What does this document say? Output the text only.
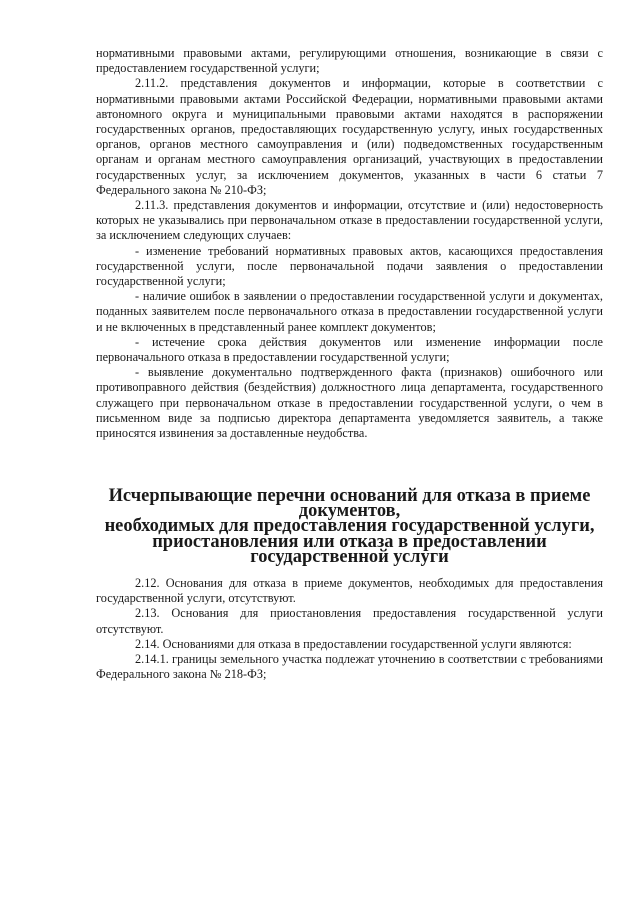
нормативными правовыми актами, регулирующими отношения, возникающие в связи с предоставлением государственной услуги;

2.11.2. представления документов и информации, которые в соответствии с нормативными правовыми актами Российской Федерации, нормативными правовыми актами автономного округа и муниципальными правовыми актами находятся в распоряжении государственных органов, предоставляющих государственную услугу, иных государственных органов, органов местного самоуправления и (или) подведомственных государственным органам и органам местного самоуправления организаций, участвующих в предоставлении государственных услуг, за исключением документов, указанных в части 6 статьи 7 Федерального закона № 210-ФЗ;

2.11.3. представления документов и информации, отсутствие и (или) недостоверность которых не указывались при первоначальном отказе в предоставлении государственной услуги, за исключением следующих случаев:

- изменение требований нормативных правовых актов, касающихся предоставления государственной услуги, после первоначальной подачи заявления о предоставлении государственной услуги;

- наличие ошибок в заявлении о предоставлении государственной услуги и документах, поданных заявителем после первоначального отказа в предоставлении государственной услуги и не включенных в представленный ранее комплект документов;

- истечение срока действия документов или изменение информации после первоначального отказа в предоставлении государственной услуги;

- выявление документально подтвержденного факта (признаков) ошибочного или противоправного действия (бездействия) должностного лица департамента, государственного служащего при первоначальном отказе в предоставлении государственной услуги, о чем в письменном виде за подписью директора департамента уведомляется заявитель, а также приносятся извинения за доставленные неудобства.

Исчерпывающие перечни оснований для отказа в приеме документов,
необходимых для предоставления государственной услуги,
приостановления или отказа в предоставлении
государственной услуги

2.12. Основания для отказа в приеме документов, необходимых для предоставления государственной услуги, отсутствуют.

2.13. Основания для приостановления предоставления государственной услуги отсутствуют.

2.14. Основаниями для отказа в предоставлении государственной услуги являются:

2.14.1. границы земельного участка подлежат уточнению в соответствии с требованиями Федерального закона № 218-ФЗ;
